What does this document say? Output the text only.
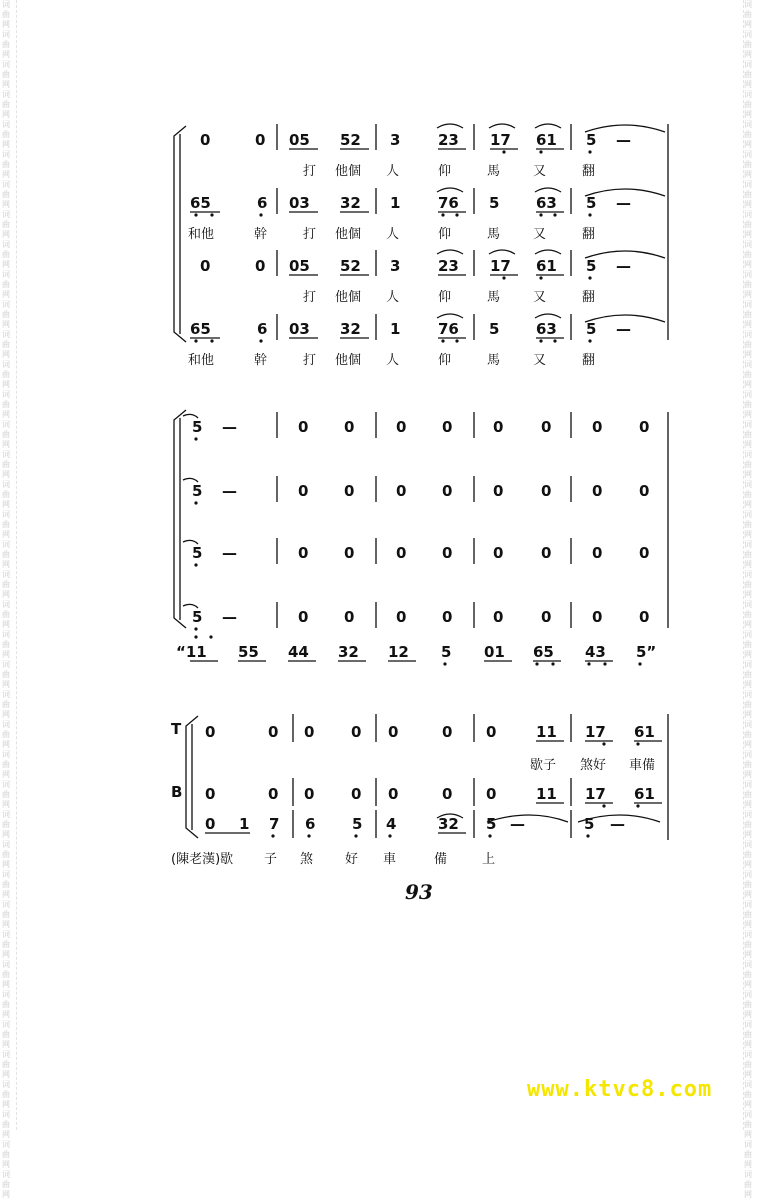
词曲网 词曲网 词曲网 词曲网 词曲网 词曲网 词曲网 词曲网 词曲网 词曲网 词曲网 词曲网 词曲网 词曲网 词曲网 词曲网 词曲网 词曲网 词曲网 词曲网 词曲网 词曲网 词曲网 词曲网 词曲网 词曲网 词曲网 词曲网 词曲网 词曲网 词曲网 词曲网 词曲网 词曲网 词曲网 词曲网 词曲网 词曲网 词曲网 词曲网
词曲网 词曲网 词曲网 词曲网 词曲网 词曲网 词曲网 词曲网 词曲网 词曲网 词曲网 词曲网 词曲网 词曲网 词曲网 词曲网 词曲网 词曲网 词曲网 词曲网 词曲网 词曲网 词曲网 词曲网 词曲网 词曲网 词曲网 词曲网 词曲网 词曲网 词曲网 词曲网 词曲网 词曲网 词曲网 词曲网 词曲网 词曲网 词曲网 词曲网
0	0 05 52 3	23 17 61 5 —
打 他個 人	仰	馬	又	翻
65	6 03 32 1	76 5 63 5 —
和他	幹	打 他個 人	仰	馬	又	翻
0	0 05 52 3	23 17 61 5 —
打 他個 人	仰	馬	又	翻
65	6 03 32 1	76 5 63 5 —
和他	幹	打 他個 人	仰	馬	又	翻
5 —	0 0	0 0	0	0	0 0
5 —	0 0	0 0	0	0	0 0
5 —	0 0	0 0	0	0	0 0
5 —	0 0	0 0	0	0	0 0
“11 55 44 32 12 5 01 65 43 5”
T
B
0	0 0 0 0	0 0	11 17 61
歇子 煞好 車備
0	0 0 0 0	0 0	11 17 61
0 1 7 6 5 4	32 5 —	5 —
(陳老漢)歇 子 煞 好 車	備	上
93
www.ktvc8.com
